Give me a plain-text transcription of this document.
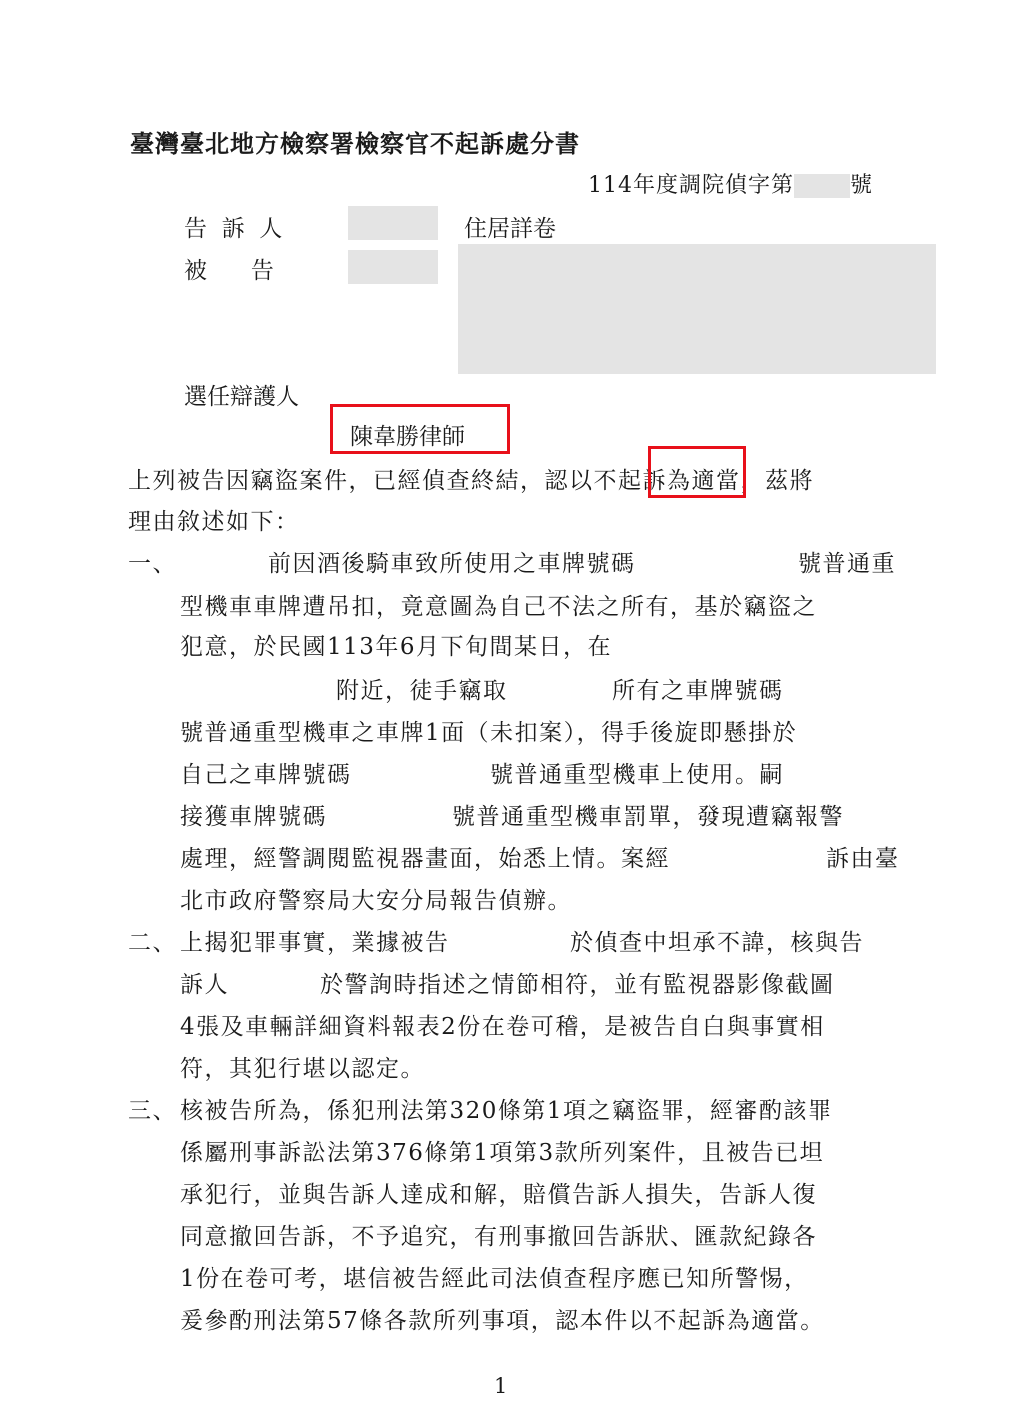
臺灣臺北地方檢察署檢察官不起訴處分書
114年度調院偵字第	號
告  訴  人	住居詳卷
被      告
選任辯護人
陳韋勝律師
上列被告因竊盜案件，已經偵查終結，認以不起訴為適當，茲將
理由敘述如下：
一、	前因酒後騎車致所使用之車牌號碼	號普通重
型機車車牌遭吊扣，竟意圖為自己不法之所有，基於竊盜之
犯意，於民國113年6月下旬間某日，在
附近，徒手竊取	所有之車牌號碼
號普通重型機車之車牌1面（未扣案），得手後旋即懸掛於
自己之車牌號碼	號普通重型機車上使用。嗣
接獲車牌號碼	號普通重型機車罰單，發現遭竊報警
處理，經警調閱監視器畫面，始悉上情。案經	訴由臺
北市政府警察局大安分局報告偵辦。
二、 上揭犯罪事實，業據被告	於偵查中坦承不諱，核與告
訴人	於警詢時指述之情節相符，並有監視器影像截圖
4張及車輛詳細資料報表2份在卷可稽，是被告自白與事實相
符，其犯行堪以認定。
三、 核被告所為，係犯刑法第320條第1項之竊盜罪，經審酌該罪
係屬刑事訴訟法第376條第1項第3款所列案件，且被告已坦
承犯行，並與告訴人達成和解，賠償告訴人損失，告訴人復
同意撤回告訴，不予追究，有刑事撤回告訴狀、匯款紀錄各
1份在卷可考，堪信被告經此司法偵查程序應已知所警惕，
爰參酌刑法第57條各款所列事項，認本件以不起訴為適當。
1
